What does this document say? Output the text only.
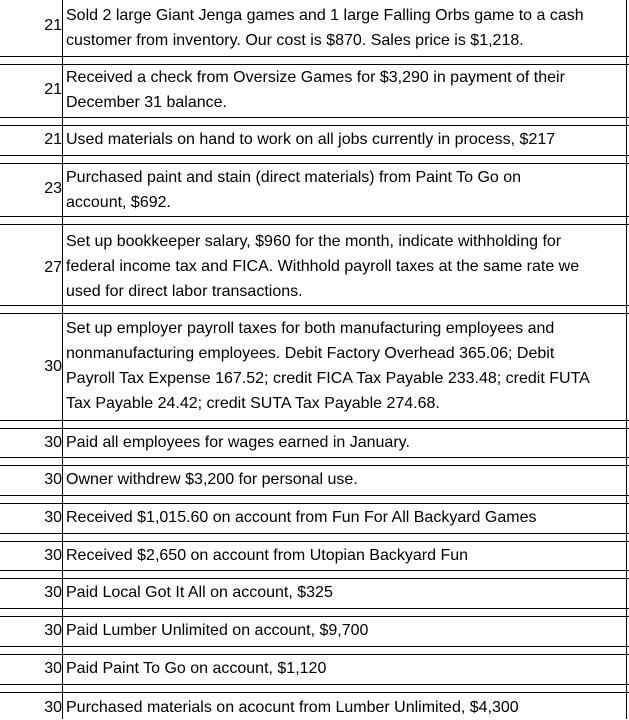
21
Sold 2 large Giant Jenga games and 1 large Falling Orbs game to a cash
customer from inventory. Our cost is $870. Sales price is $1,218.
21
Received a check from Oversize Games for $3,290 in payment of their
December 31 balance.
21 Used materials on hand to work on all jobs currently in process, $217
23
Purchased paint and stain (direct materials) from Paint To Go on
account, $692.
27
Set up bookkeeper salary, $960 for the month, indicate withholding for
federal income tax and FICA. Withhold payroll taxes at the same rate we
used for direct labor transactions.
30
Set up employer payroll taxes for both manufacturing employees and
nonmanufacturing employees. Debit Factory Overhead 365.06; Debit
Payroll Tax Expense 167.52; credit FICA Tax Payable 233.48; credit FUTA
Tax Payable 24.42; credit SUTA Tax Payable 274.68.
30 Paid all employees for wages earned in January.
30 Owner withdrew $3,200 for personal use.
30 Received $1,015.60 on account from Fun For All Backyard Games
30 Received $2,650 on account from Utopian Backyard Fun
30 Paid Local Got It All on account, $325
30 Paid Lumber Unlimited on account, $9,700
30 Paid Paint To Go on account, $1,120
30 Purchased materials on acocunt from Lumber Unlimited, $4,300
